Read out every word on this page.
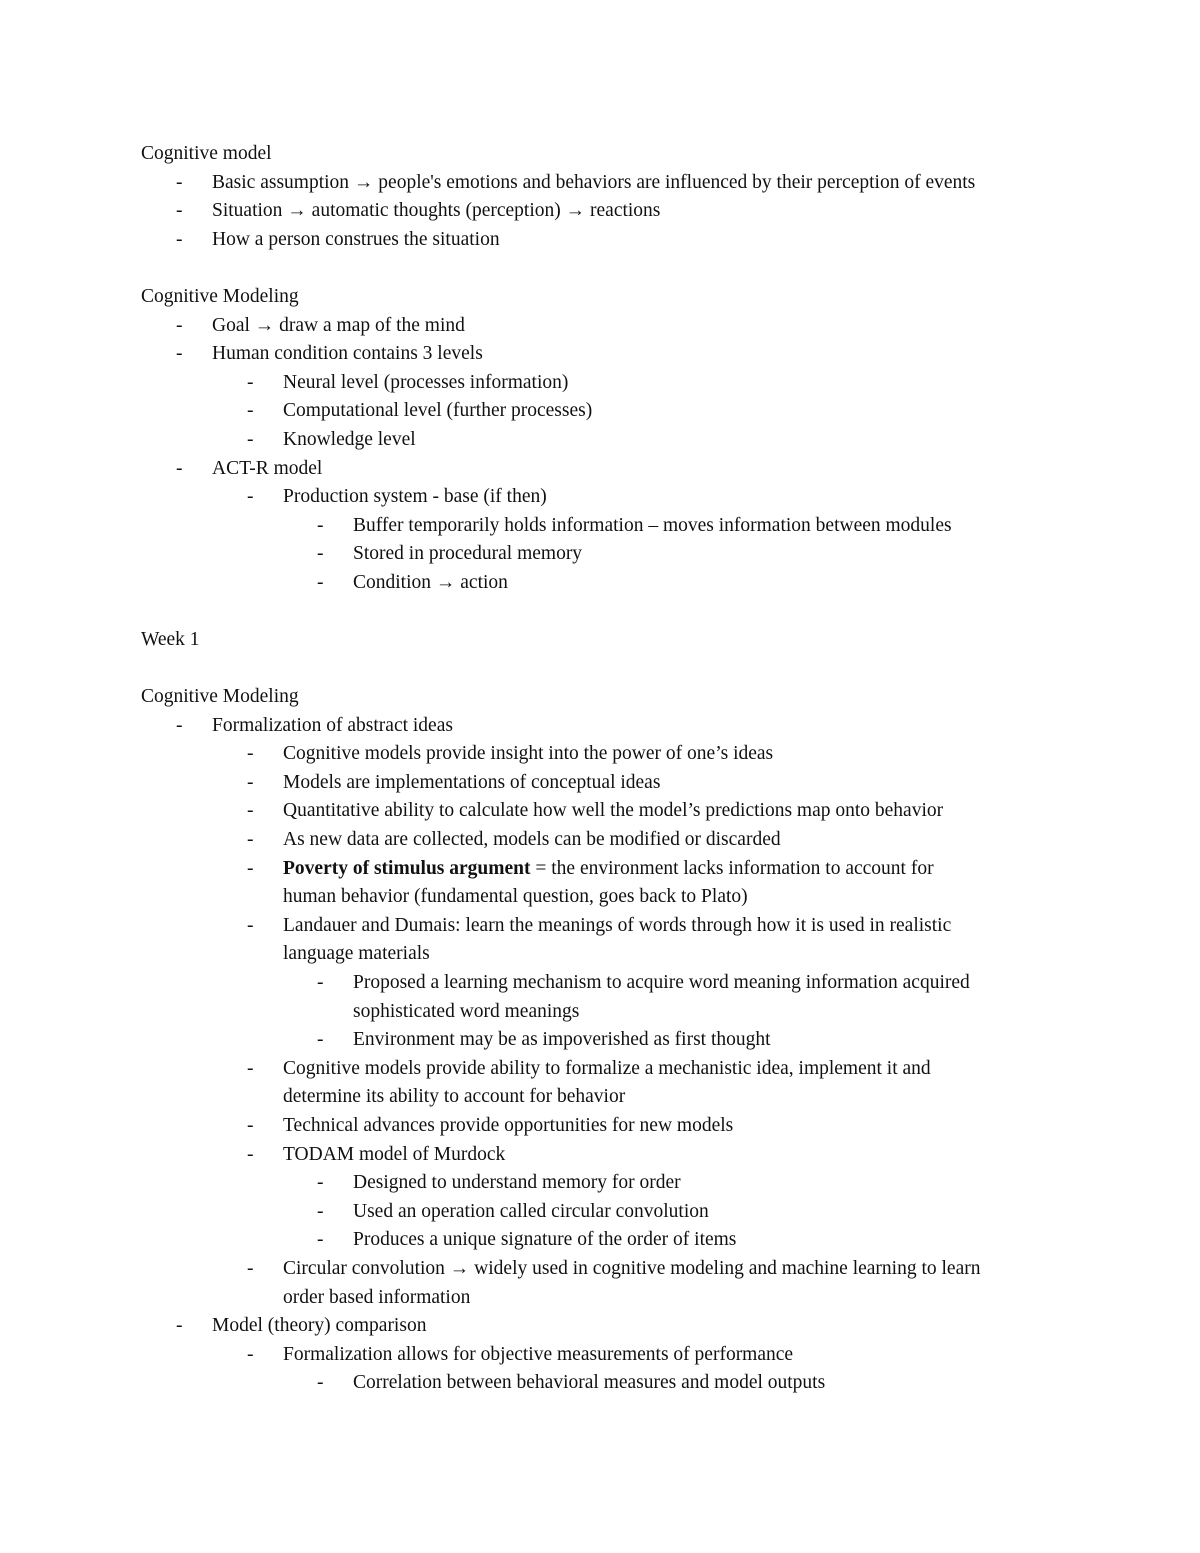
Cognitive model
- Basic assumption → people's emotions and behaviors are influenced by their perception of events
- Situation → automatic thoughts (perception) → reactions
- How a person construes the situation
Cognitive Modeling
- Goal → draw a map of the mind
- Human condition contains 3 levels
- Neural level (processes information)
- Computational level (further processes)
- Knowledge level
- ACT-R model
- Production system - base (if then)
- Buffer temporarily holds information – moves information between modules
- Stored in procedural memory
- Condition → action
Week 1
Cognitive Modeling
- Formalization of abstract ideas
- Cognitive models provide insight into the power of one’s ideas
- Models are implementations of conceptual ideas
- Quantitative ability to calculate how well the model’s predictions map onto behavior
- As new data are collected, models can be modified or discarded
- Poverty of stimulus argument = the environment lacks information to account for
human behavior (fundamental question, goes back to Plato)
- Landauer and Dumais: learn the meanings of words through how it is used in realistic
language materials
- Proposed a learning mechanism to acquire word meaning information acquired
sophisticated word meanings
- Environment may be as impoverished as first thought
- Cognitive models provide ability to formalize a mechanistic idea, implement it and
determine its ability to account for behavior
- Technical advances provide opportunities for new models
- TODAM model of Murdock
- Designed to understand memory for order
- Used an operation called circular convolution
- Produces a unique signature of the order of items
- Circular convolution → widely used in cognitive modeling and machine learning to learn
order based information
- Model (theory) comparison
- Formalization allows for objective measurements of performance
- Correlation between behavioral measures and model outputs
